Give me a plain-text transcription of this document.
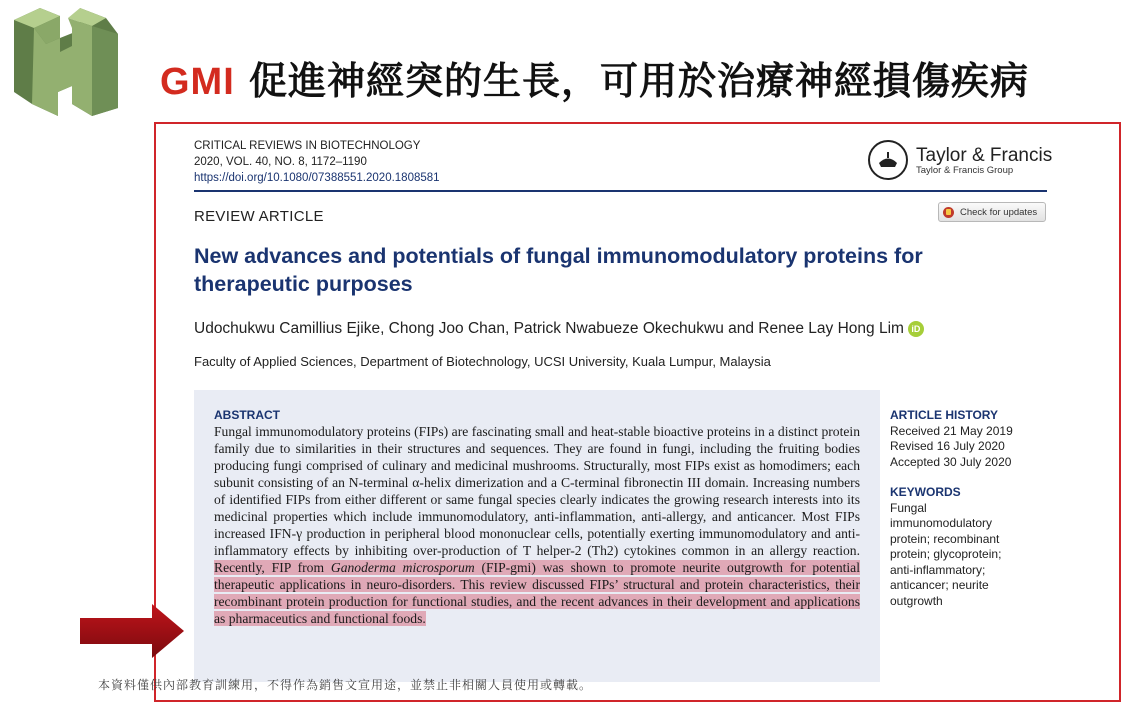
GMI 促進神經突的生長，可用於治療神經損傷疾病
CRITICAL REVIEWS IN BIOTECHNOLOGY
2020, VOL. 40, NO. 8, 1172–1190
https://doi.org/10.1080/07388551.2020.1808581
Taylor & Francis
Taylor & Francis Group
REVIEW ARTICLE	Check for updates
New advances and potentials of fungal immunomodulatory proteins for therapeutic purposes
Udochukwu Camillius Ejike, Chong Joo Chan, Patrick Nwabueze Okechukwu and Renee Lay Hong Lim iD
Faculty of Applied Sciences, Department of Biotechnology, UCSI University, Kuala Lumpur, Malaysia
ABSTRACT
Fungal immunomodulatory proteins (FIPs) are fascinating small and heat-stable bioactive proteins in a distinct protein family due to similarities in their structures and sequences. They are found in fungi, including the fruiting bodies producing fungi comprised of culinary and medicinal mushrooms. Structurally, most FIPs exist as homodimers; each subunit consisting of an N-terminal α-helix dimerization and a C-terminal fibronectin III domain. Increasing numbers of identified FIPs from either different or same fungal species clearly indicates the growing research interests into its medicinal properties which include immunomodulatory, anti-inflammation, anti-allergy, and anticancer. Most FIPs increased IFN-γ production in peripheral blood mononuclear cells, potentially exerting immunomodulatory and anti-inflammatory effects by inhibiting over-production of T helper-2 (Th2) cytokines common in an allergy reaction. Recently, FIP from Ganoderma microsporum (FIP-gmi) was shown to promote neurite outgrowth for potential therapeutic applications in neuro-disorders. This review discussed FIPs’ structural and protein characteristics, their recombinant protein production for functional studies, and the recent advances in their development and applications as pharmaceutics and functional foods.
ARTICLE HISTORY
Received 21 May 2019
Revised 16 July 2020
Accepted 30 July 2020
KEYWORDS
Fungal immunomodulatory protein; recombinant protein; glycoprotein; anti-inflammatory; anticancer; neurite outgrowth
本資料僅供內部教育訓練用，不得作為銷售文宣用途，並禁止非相關人員使用或轉載。
